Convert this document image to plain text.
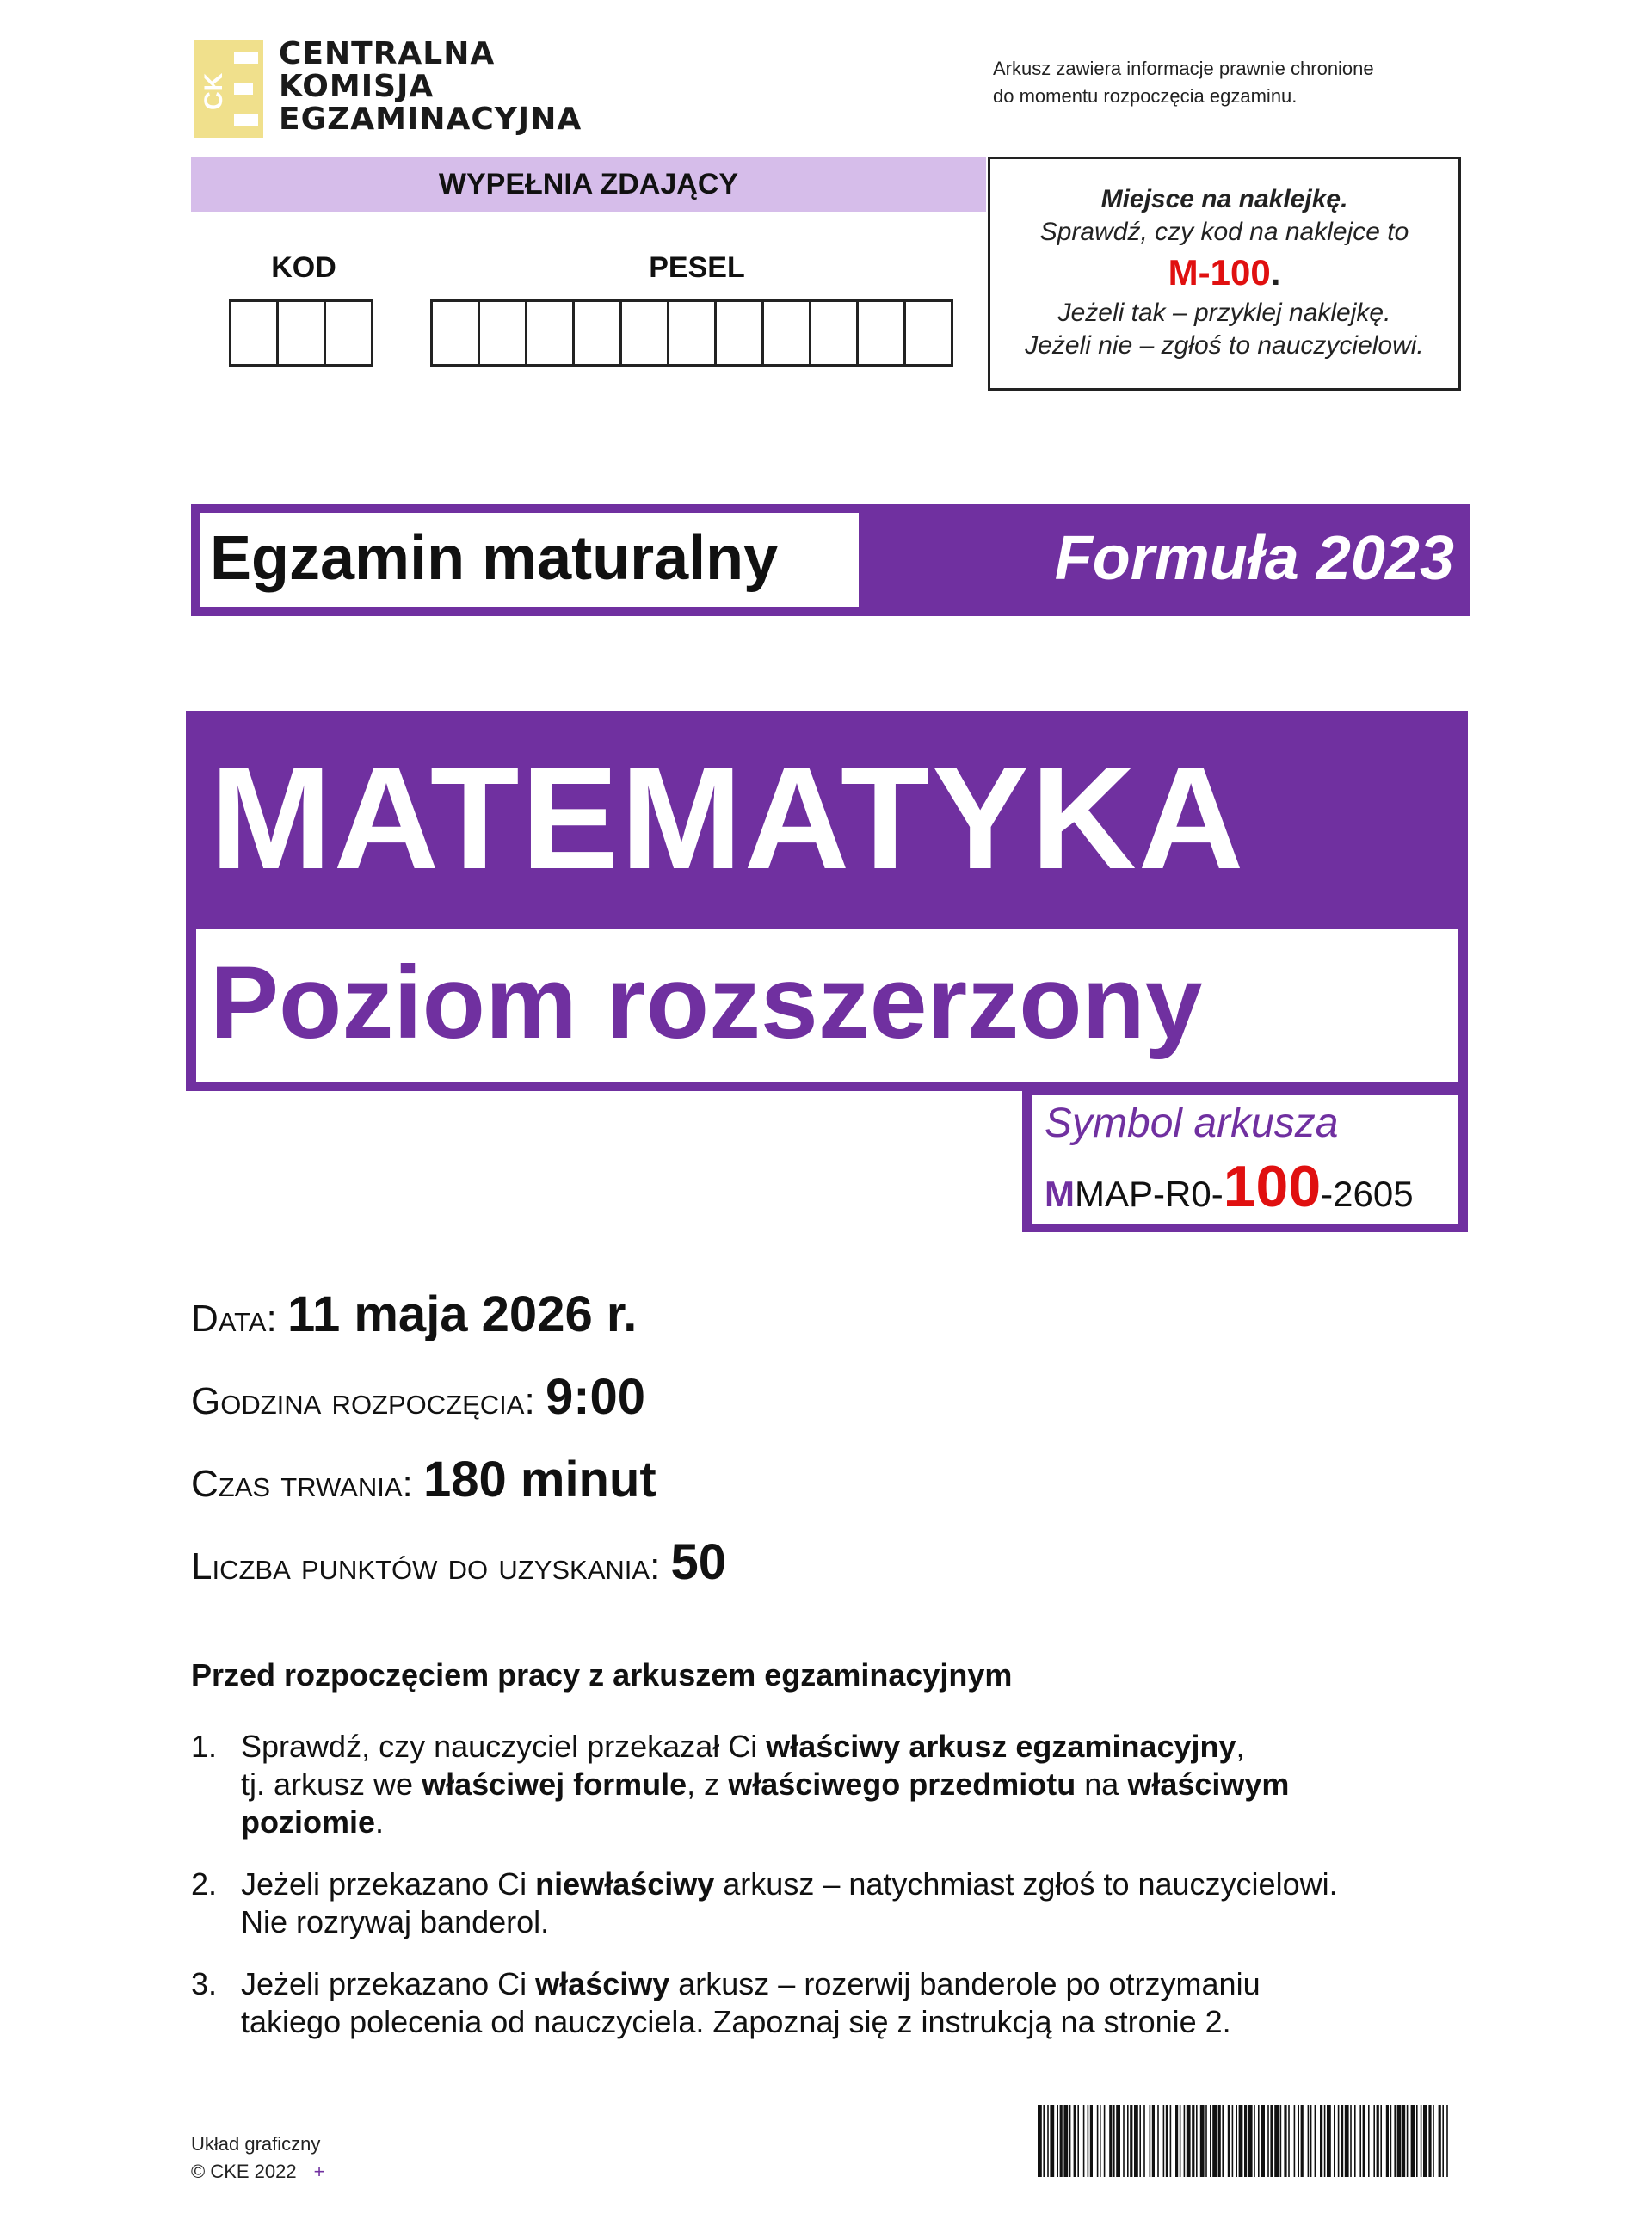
CK
CENTRALNA
KOMISJA
EGZAMINACYJNA
Arkusz zawiera informacje prawnie chronione
do momentu rozpoczęcia egzaminu.
WYPEŁNIA ZDAJĄCY
KOD	PESEL
Miejsce na naklejkę.
Sprawdź, czy kod na naklejce to
M-100.
Jeżeli tak – przyklej naklejkę.
Jeżeli nie – zgłoś to nauczycielowi.
Egzamin maturalny	Formuła 2023
MATEMATYKA
Poziom rozszerzony
Symbol arkusza
MMAP-R0-100-2605
Data: 11 maja 2026 r.
Godzina rozpoczęcia: 9:00
Czas trwania: 180 minut
Liczba punktów do uzyskania: 50
Przed rozpoczęciem pracy z arkuszem egzaminacyjnym
1. Sprawdź, czy nauczyciel przekazał Ci właściwy arkusz egzaminacyjny,
tj. arkusz we właściwej formule, z właściwego przedmiotu na właściwym
poziomie.
2. Jeżeli przekazano Ci niewłaściwy arkusz – natychmiast zgłoś to nauczycielowi.
Nie rozrywaj banderol.
3. Jeżeli przekazano Ci właściwy arkusz – rozerwij banderole po otrzymaniu
takiego polecenia od nauczyciela. Zapoznaj się z instrukcją na stronie 2.
Układ graficzny
© CKE 2022 +
